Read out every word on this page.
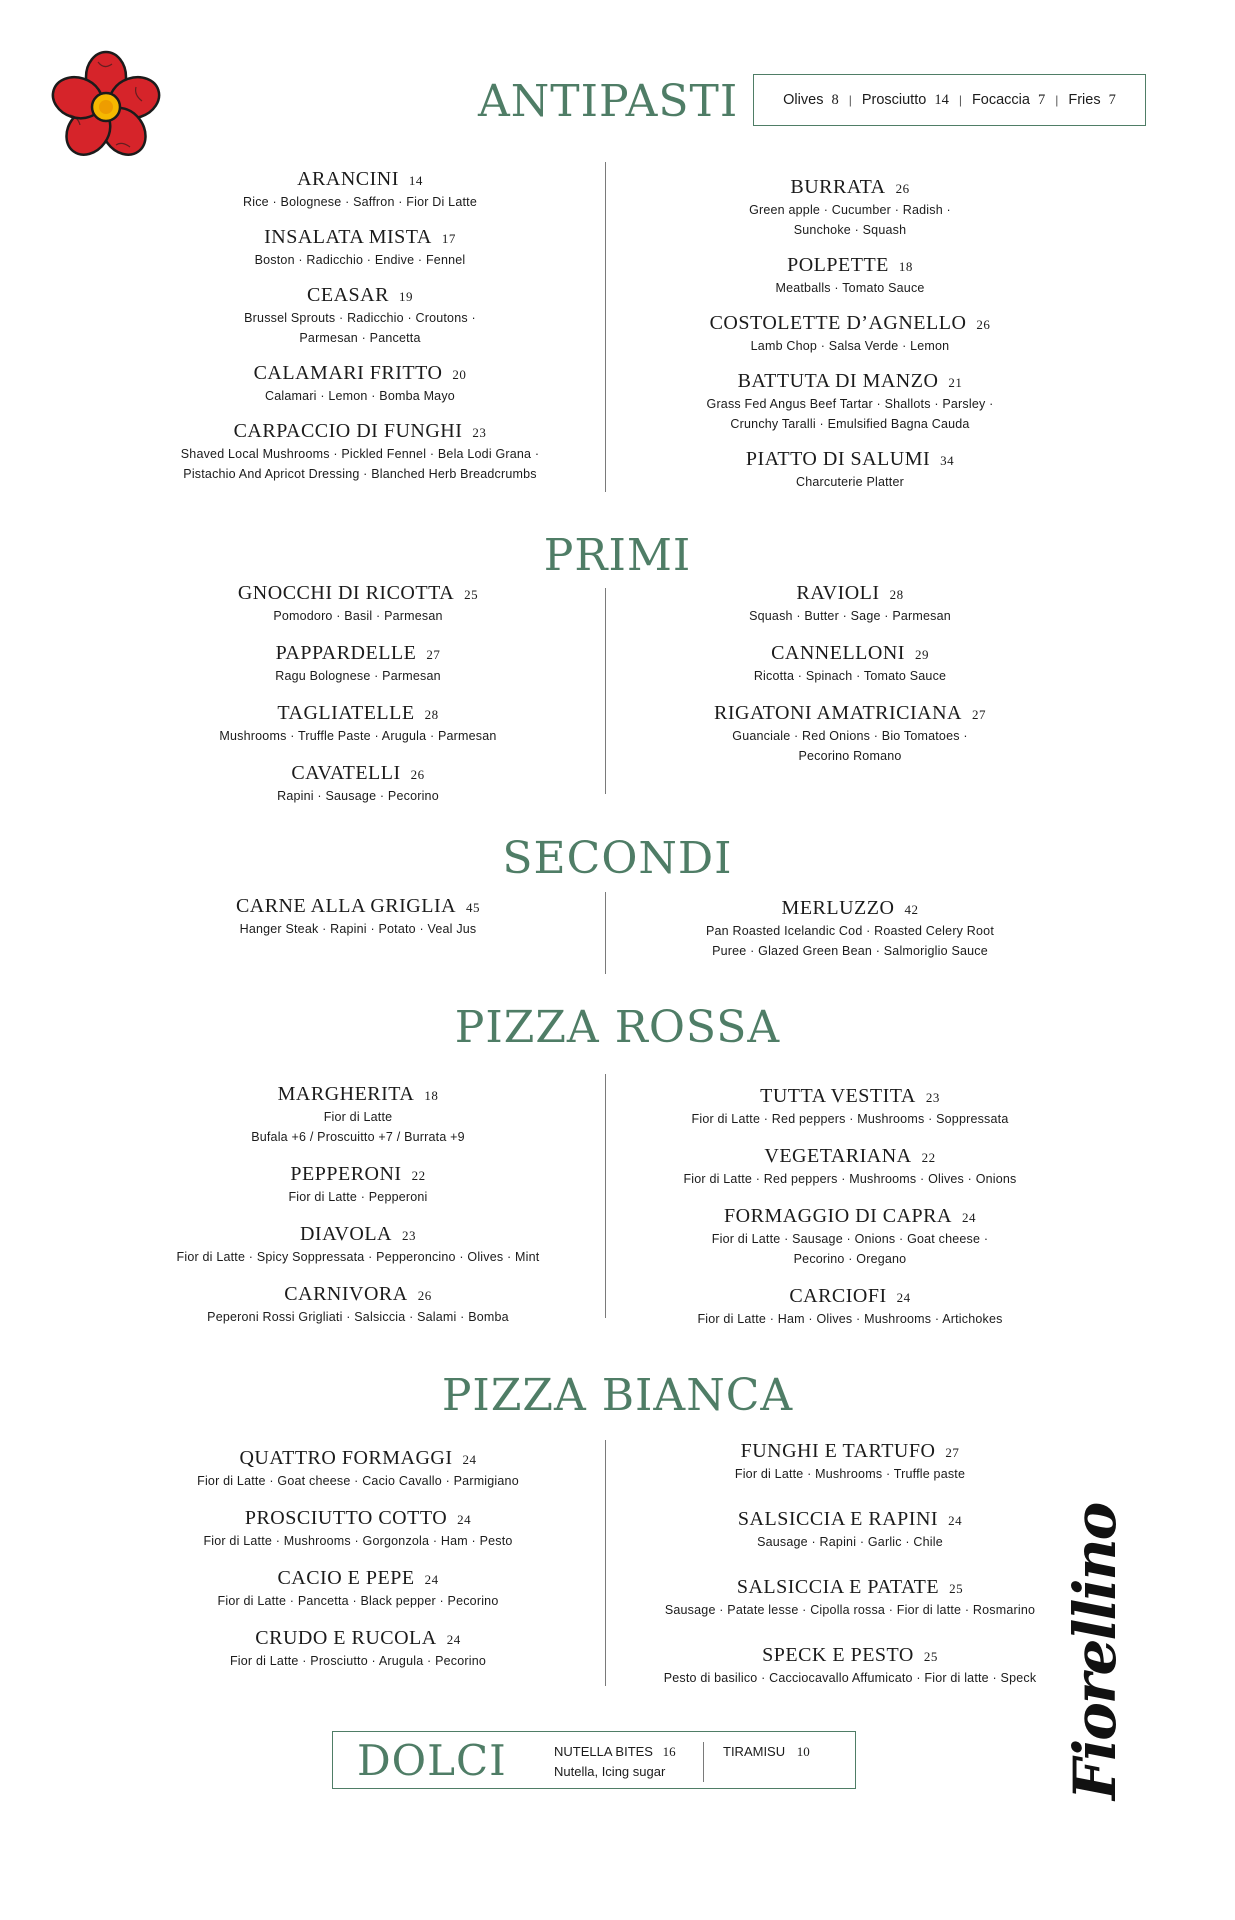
ANTIPASTI	Olives 8 | Prosciutto 14 | Focaccia 7 | Fries 7
ARANCINI 14
Rice · Bolognese · Saffron · Fior Di Latte
INSALATA MISTA 17
Boston · Radicchio · Endive · Fennel
CEASAR 19
Brussel Sprouts · Radicchio · Croutons ·
Parmesan · Pancetta
CALAMARI FRITTO 20
Calamari · Lemon · Bomba Mayo
CARPACCIO DI FUNGHI 23
Shaved Local Mushrooms · Pickled Fennel · Bela Lodi Grana ·
Pistachio And Apricot Dressing · Blanched Herb Breadcrumbs
BURRATA 26
Green apple · Cucumber · Radish ·
Sunchoke · Squash
POLPETTE 18
Meatballs · Tomato Sauce
COSTOLETTE D’AGNELLO 26
Lamb Chop · Salsa Verde · Lemon
BATTUTA DI MANZO 21
Grass Fed Angus Beef Tartar · Shallots · Parsley ·
Crunchy Taralli · Emulsified Bagna Cauda
PIATTO DI SALUMI 34
Charcuterie Platter
PRIMI
GNOCCHI DI RICOTTA 25
Pomodoro · Basil · Parmesan
PAPPARDELLE 27
Ragu Bolognese · Parmesan
TAGLIATELLE 28
Mushrooms · Truffle Paste · Arugula · Parmesan
CAVATELLI 26
Rapini · Sausage · Pecorino
RAVIOLI 28
Squash · Butter · Sage · Parmesan
CANNELLONI 29
Ricotta · Spinach · Tomato Sauce
RIGATONI AMATRICIANA 27
Guanciale · Red Onions · Bio Tomatoes ·
Pecorino Romano
SECONDI
CARNE ALLA GRIGLIA 45
Hanger Steak · Rapini · Potato · Veal Jus
MERLUZZO 42
Pan Roasted Icelandic Cod · Roasted Celery Root
Puree · Glazed Green Bean · Salmoriglio Sauce
PIZZA ROSSA
MARGHERITA 18
Fior di Latte
Bufala +6 / Proscuitto +7 / Burrata +9
PEPPERONI 22
Fior di Latte · Pepperoni
DIAVOLA 23
Fior di Latte · Spicy Soppressata · Pepperoncino · Olives · Mint
CARNIVORA 26
Peperoni Rossi Grigliati · Salsiccia · Salami · Bomba
TUTTA VESTITA 23
Fior di Latte · Red peppers · Mushrooms · Soppressata
VEGETARIANA 22
Fior di Latte · Red peppers · Mushrooms · Olives · Onions
FORMAGGIO DI CAPRA 24
Fior di Latte · Sausage · Onions · Goat cheese ·
Pecorino · Oregano
CARCIOFI 24
Fior di Latte · Ham · Olives · Mushrooms · Artichokes
PIZZA BIANCA
QUATTRO FORMAGGI 24
Fior di Latte · Goat cheese · Cacio Cavallo · Parmigiano
PROSCIUTTO COTTO 24
Fior di Latte · Mushrooms · Gorgonzola · Ham · Pesto
CACIO E PEPE 24
Fior di Latte · Pancetta · Black pepper · Pecorino
CRUDO E RUCOLA 24
Fior di Latte · Prosciutto · Arugula · Pecorino
FUNGHI E TARTUFO 27
Fior di Latte · Mushrooms · Truffle paste
SALSICCIA E RAPINI 24
Sausage · Rapini · Garlic · Chile
SALSICCIA E PATATE 25
Sausage · Patate lesse · Cipolla rossa · Fior di latte · Rosmarino
SPECK E PESTO 25
Pesto di basilico · Cacciocavallo Affumicato · Fior di latte · Speck
DOLCI	NUTELLA BITES 16
Nutella, Icing sugar
TIRAMISU 10	Fiorellino
